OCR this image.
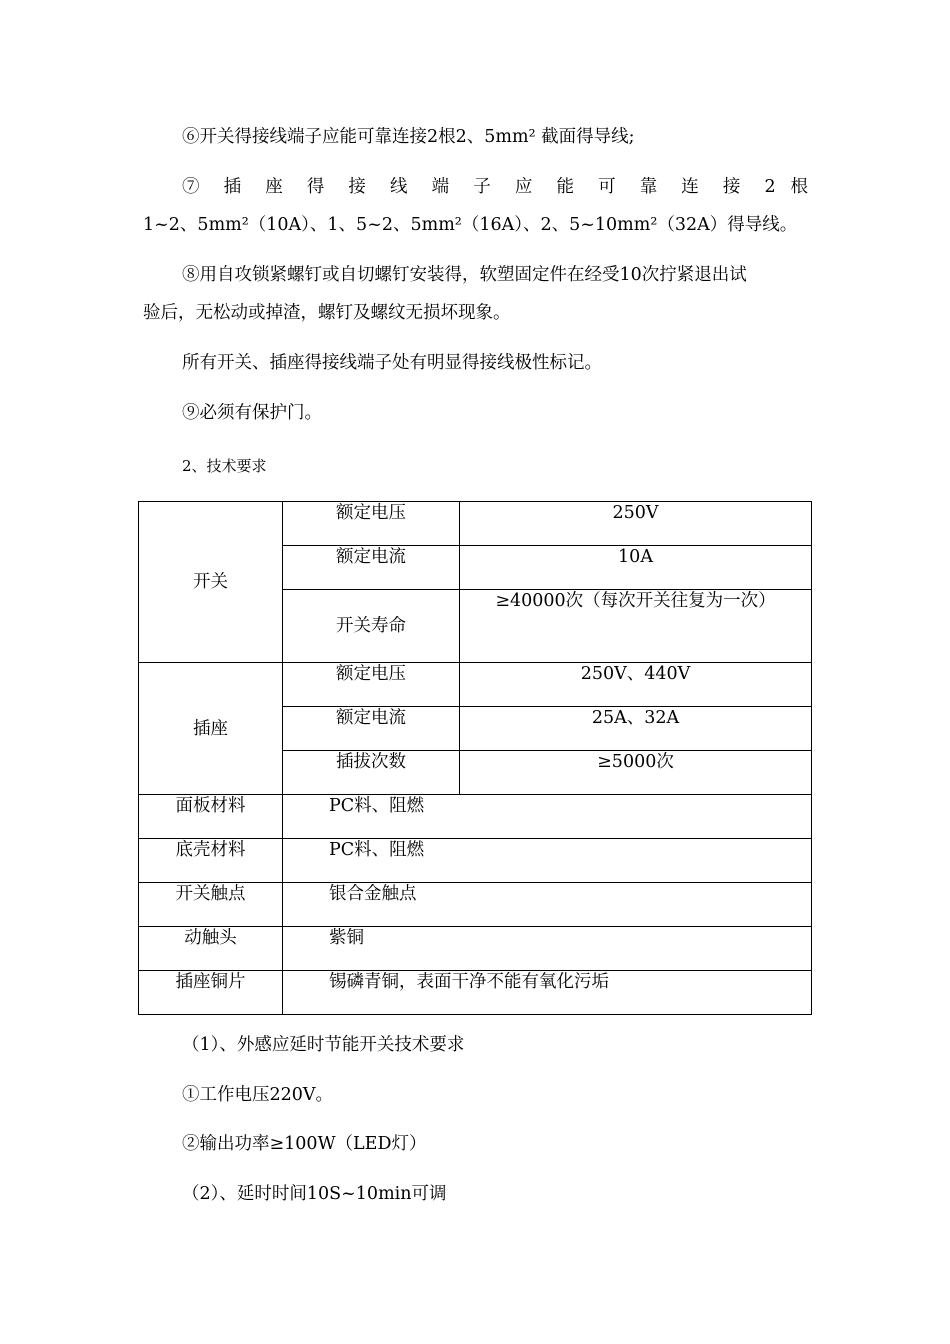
⑥开关得接线端子应能可靠连接2根2、5mm² 截面得导线;

⑦ 插 座 得 接 线 端 子 应 能 可 靠 连 接 2 根

1~2、5mm²（10A）、1、5~2、5mm²（16A）、2、5~10mm²（32A）得导线。

⑧用自攻锁紧螺钉或自切螺钉安装得，软塑固定件在经受10次拧紧退出试

验后，无松动或掉渣，螺钉及螺纹无损坏现象。

所有开关、插座得接线端子处有明显得接线极性标记。

⑨必须有保护门。

2、技术要求

开关	额定电压	250V
	额定电流	10A
	开关寿命	≥40000次（每次开关往复为一次）
插座	额定电压	250V、440V
	额定电流	25A、32A
	插拔次数	≥5000次
面板材料	PC料、阻燃	
底壳材料	PC料、阻燃	
开关触点	银合金触点	
动触头	紫铜	
插座铜片	锡磷青铜，表面干净不能有氧化污垢	

（1）、外感应延时节能开关技术要求

①工作电压220V。

②输出功率≥100W（LED灯）

（2）、延时时间10S~10min可调
